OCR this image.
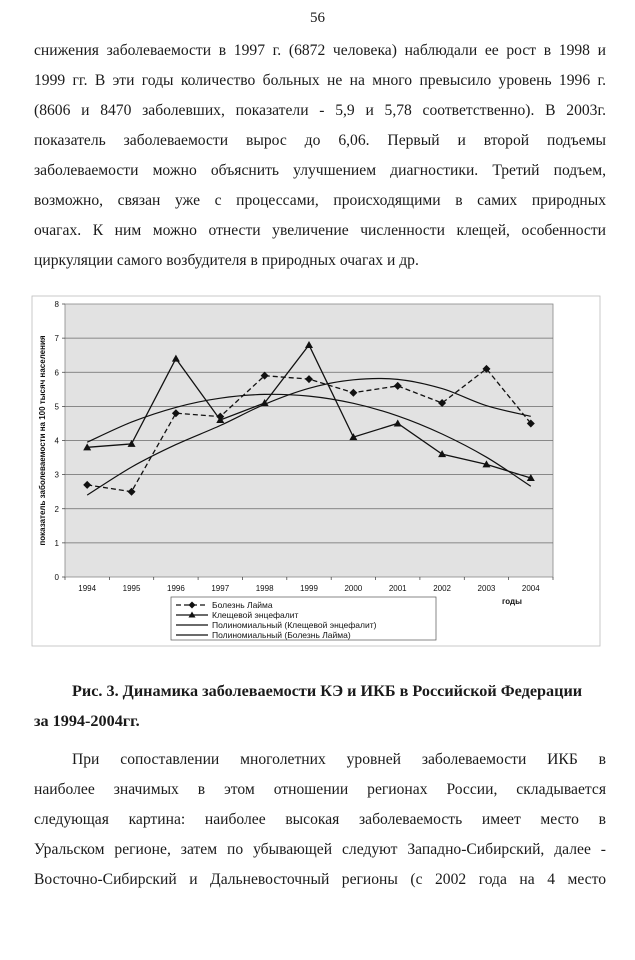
56
снижения заболеваемости в 1997 г. (6872 человека) наблюдали ее рост в 1998 и
1999 гг. В эти годы количество больных не на много превысило уровень 1996 г.
(8606 и 8470 заболевших, показатели - 5,9 и 5,78 соответственно). В 2003г.
показатель заболеваемости вырос до 6,06. Первый и второй подъемы
заболеваемости можно объяснить улучшением диагностики. Третий подъем,
возможно, связан уже с процессами, происходящими в самих природных
очагах. К ним можно отнести увеличение численности клещей, особенности
циркуляции самого возбудителя в природных очагах и др.
0
1
2
3
4
5
6
7
8
1994	1995	1996	1997	1998	1999	2000	2001	2002	2003	2004
показатель заболеваемости на 100 тысяч населения
годы
Болезнь Лайма
Клещевой энцефалит
Полиномиальный (Клещевой энцефалит)
Полиномиальный (Болезнь Лайма)
Рис. 3. Динамика заболеваемости КЭ и ИКБ в Российской Федерации
за 1994-2004гг.
При сопоставлении многолетних уровней заболеваемости ИКБ в
наиболее значимых в этом отношении регионах России, складывается
следующая картина: наиболее высокая заболеваемость имеет место в
Уральском регионе, затем по убывающей следуют Западно-Сибирский, далее -
Восточно-Сибирский и Дальневосточный регионы (с 2002 года на 4 место
